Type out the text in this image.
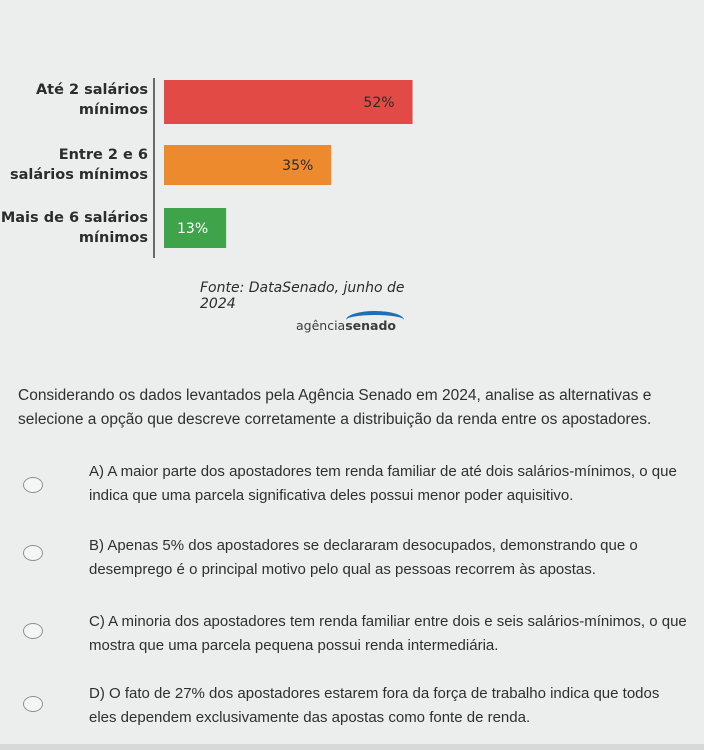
52%
Até 2 salários
mínimos
35%
Entre 2 e 6
salários mínimos
13%
Mais de 6 salários
mínimos
Fonte: DataSenado, junho de 2024
agênciasenado
Considerando os dados levantados pela Agência Senado em 2024, analise as alternativas e selecione a opção que descreve corretamente a distribuição da renda entre os apostadores.
A) A maior parte dos apostadores tem renda familiar de até dois salários-mínimos, o que indica que uma parcela significativa deles possui menor poder aquisitivo.
B) Apenas 5% dos apostadores se declararam desocupados, demonstrando que o desemprego é o principal motivo pelo qual as pessoas recorrem às apostas.
C) A minoria dos apostadores tem renda familiar entre dois e seis salários-mínimos, o que mostra que uma parcela pequena possui renda intermediária.
D) O fato de 27% dos apostadores estarem fora da força de trabalho indica que todos eles dependem exclusivamente das apostas como fonte de renda.
